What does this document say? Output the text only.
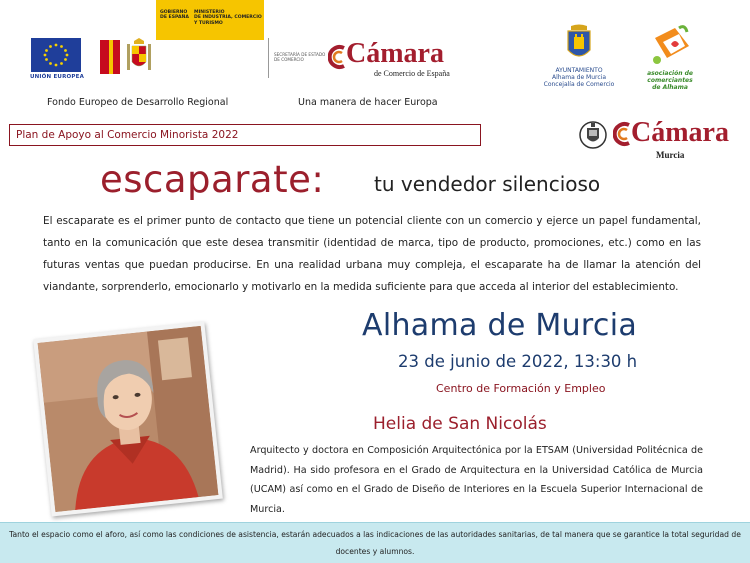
UNIÓN EUROPEA
GOBIERNO
DE ESPAÑA
MINISTERIO
DE INDUSTRIA, COMERCIO
Y TURISMO
SECRETARÍA DE ESTADO
DE COMERCIO	Cámara
de Comercio de España	AYUNTAMIENTO
Alhama de Murcia
Concejalía de Comercio
asociación de
comerciantes
de Alhama
Fondo Europeo de Desarrollo Regional	Una manera de hacer Europa
Plan de Apoyo al Comercio Minorista 2022	Cámara
Murcia
escaparate: tu vendedor silencioso
El escaparate es el primer punto de contacto que tiene un potencial cliente con un comercio y ejerce un papel fundamental, tanto en la comunicación que este desea transmitir (identidad de marca, tipo de producto, promociones, etc.) como en las futuras ventas que puedan producirse. En una realidad urbana muy compleja, el escaparate ha de llamar la atención del viandante, sorprenderlo, emocionarlo y motivarlo en la medida suficiente para que acceda al interior del establecimiento.
Alhama de Murcia
23 de junio de 2022, 13:30 h
Centro de Formación y Empleo
Helia de San Nicolás
Arquitecto y doctora en Composición Arquitectónica por la ETSAM (Universidad Politécnica de Madrid). Ha sido profesora en el Grado de Arquitectura en la Universidad Católica de Murcia (UCAM) así como en el Grado de Diseño de Interiores en la Escuela Superior Internacional de Murcia.
Tanto el espacio como el aforo, así como las condiciones de asistencia, estarán adecuados a las indicaciones de las autoridades sanitarias, de tal manera que se garantice la total seguridad de docentes y alumnos.
